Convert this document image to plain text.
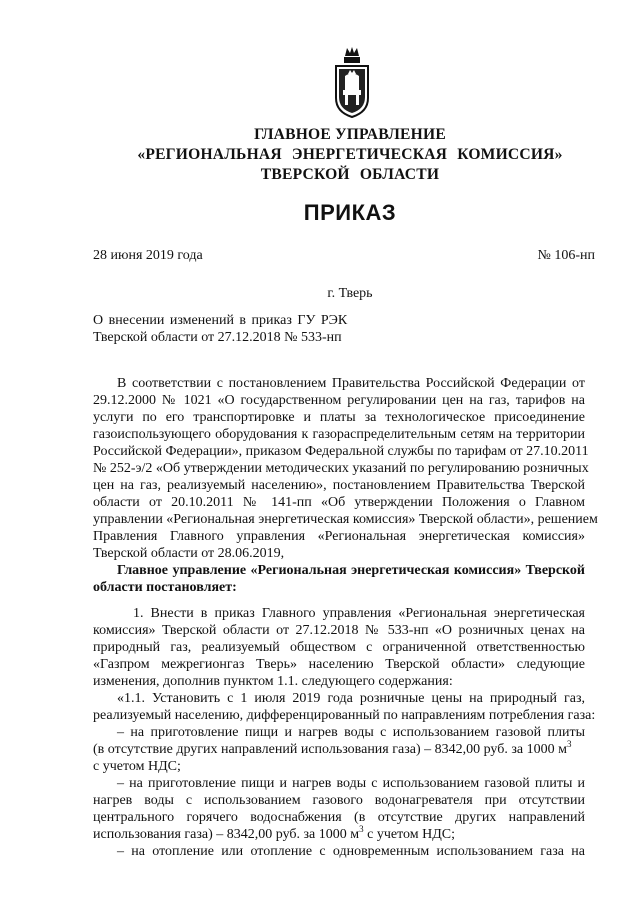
ГЛАВНОЕ УПРАВЛЕНИЕ
«РЕГИОНАЛЬНАЯ ЭНЕРГЕТИЧЕСКАЯ КОМИССИЯ»
ТВЕРСКОЙ ОБЛАСТИ
ПРИКАЗ
28 июня 2019 года	№ 106-нп
г. Тверь
О внесении изменений в приказ ГУ РЭК
Тверской области от 27.12.2018 № 533-нп
В соответствии с постановлением Правительства Российской Федерации от
29.12.2000 № 1021 «О государственном регулировании цен на газ, тарифов на
услуги по его транспортировке и платы за технологическое присоединение
газоиспользующего оборудования к газораспределительным сетям на территории
Российской Федерации», приказом Федеральной службы по тарифам от 27.10.2011
№ 252-э/2 «Об утверждении методических указаний по регулированию розничных
цен на газ, реализуемый населению», постановлением Правительства Тверской
области от 20.10.2011 № 141-пп «Об утверждении Положения о Главном
управлении «Региональная энергетическая комиссия» Тверской области», решением
Правления Главного управления «Региональная энергетическая комиссия»
Тверской области от 28.06.2019,
Главное управление «Региональная энергетическая комиссия» Тверской
области постановляет:
1. Внести в приказ Главного управления «Региональная энергетическая
комиссия» Тверской области от 27.12.2018 № 533-нп «О розничных ценах на
природный газ, реализуемый обществом с ограниченной ответственностью
«Газпром межрегионгаз Тверь» населению Тверской области» следующие
изменения, дополнив пунктом 1.1. следующего содержания:
«1.1. Установить с 1 июля 2019 года розничные цены на природный газ,
реализуемый населению, дифференцированный по направлениям потребления газа:
– на приготовление пищи и нагрев воды с использованием газовой плиты
(в отсутствие других направлений использования газа) – 8342,00 руб. за 1000 $м^3$
с учетом НДС;
– на приготовление пищи и нагрев воды с использованием газовой плиты и
нагрев воды с использованием газового водонагревателя при отсутствии
центрального горячего водоснабжения (в отсутствие других направлений
использования газа) – 8342,00 руб. за 1000 $м^3$ с учетом НДС;
– на отопление или отопление с одновременным использованием газа на
